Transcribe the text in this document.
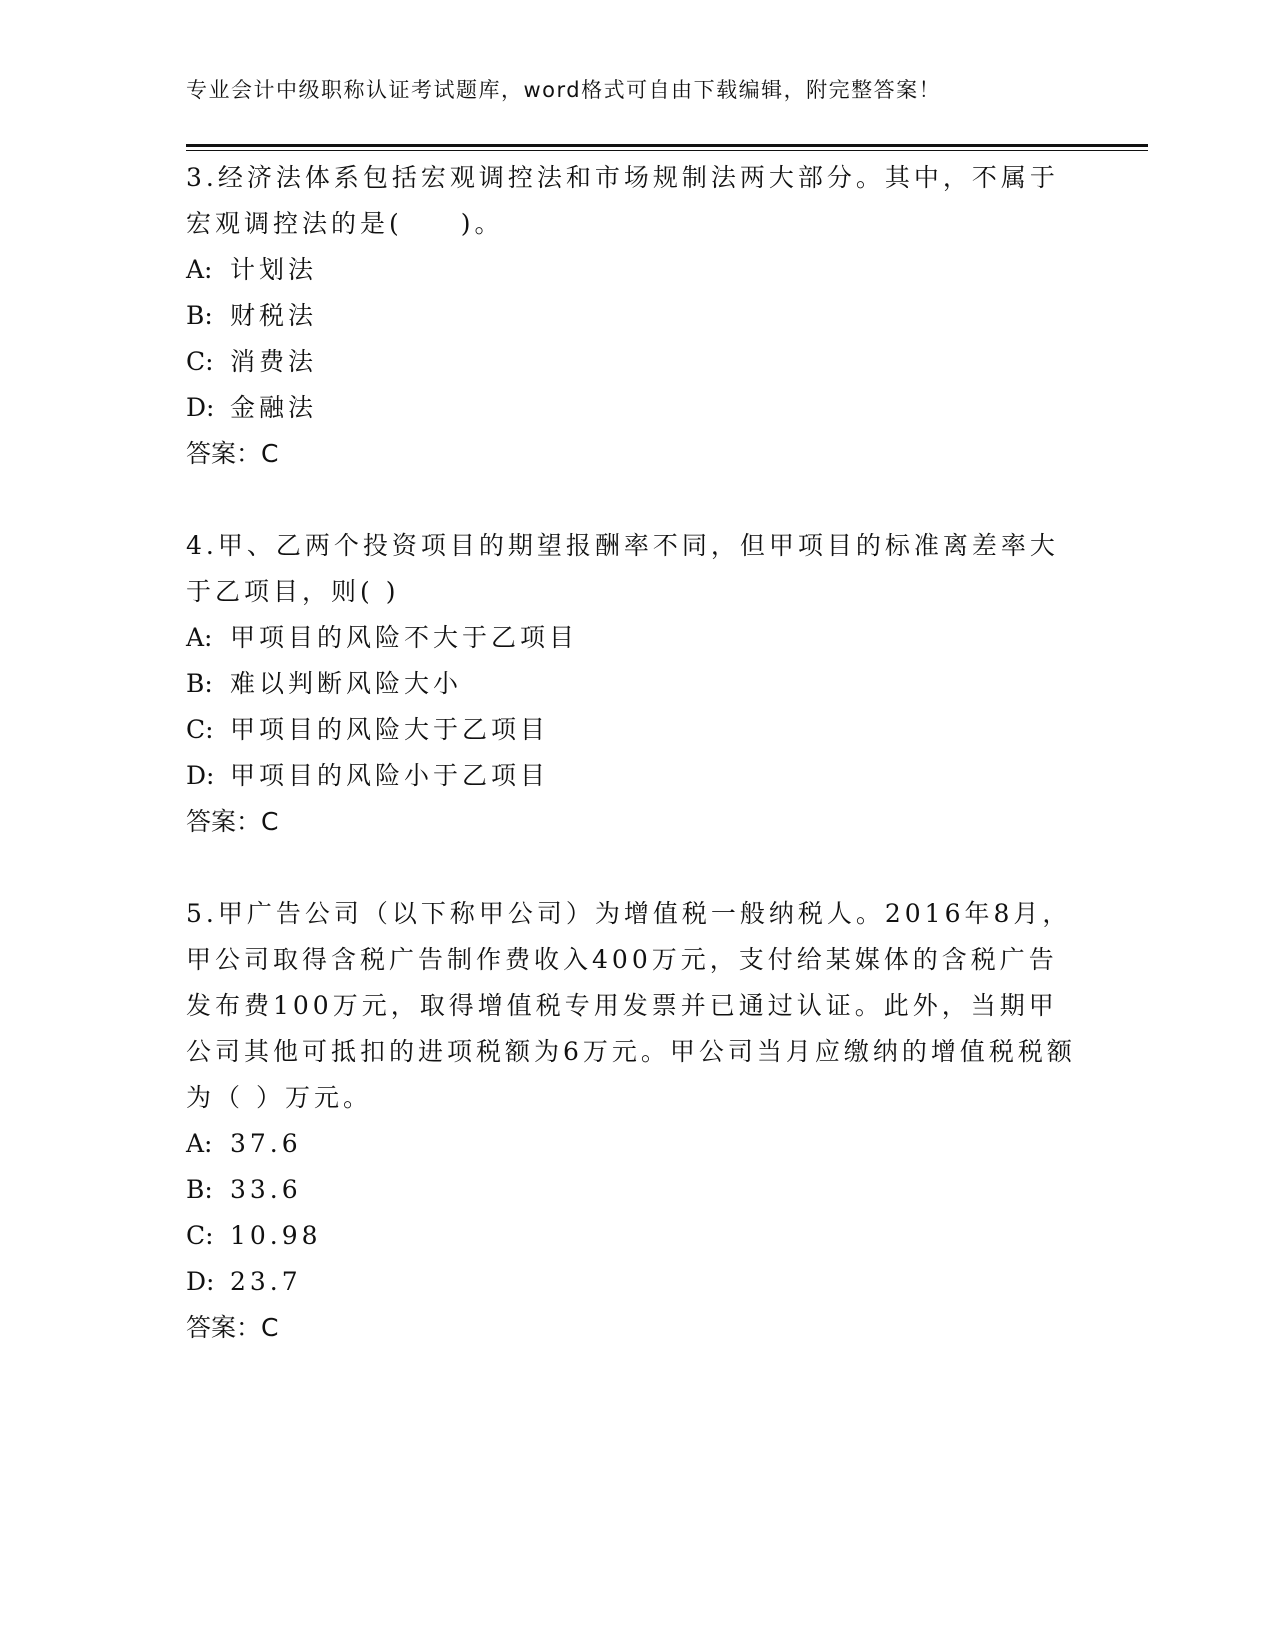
专业会计中级职称认证考试题库，word格式可自由下载编辑，附完整答案！

3.经济法体系包括宏观调控法和市场规制法两大部分。其中，不属于宏观调控法的是(　　)。

A: 计划法

B: 财税法

C: 消费法

D: 金融法

答案：C

4.甲、乙两个投资项目的期望报酬率不同，但甲项目的标准离差率大于乙项目，则( )

A: 甲项目的风险不大于乙项目

B: 难以判断风险大小

C: 甲项目的风险大于乙项目

D: 甲项目的风险小于乙项目

答案：C

5.甲广告公司（以下称甲公司）为增值税一般纳税人。2016年8月，甲公司取得含税广告制作费收入400万元，支付给某媒体的含税广告发布费100万元，取得增值税专用发票并已通过认证。此外，当期甲公司其他可抵扣的进项税额为6万元。甲公司当月应缴纳的增值税税额为（ ）万元。

A: 37.6

B: 33.6

C: 10.98

D: 23.7

答案：C
